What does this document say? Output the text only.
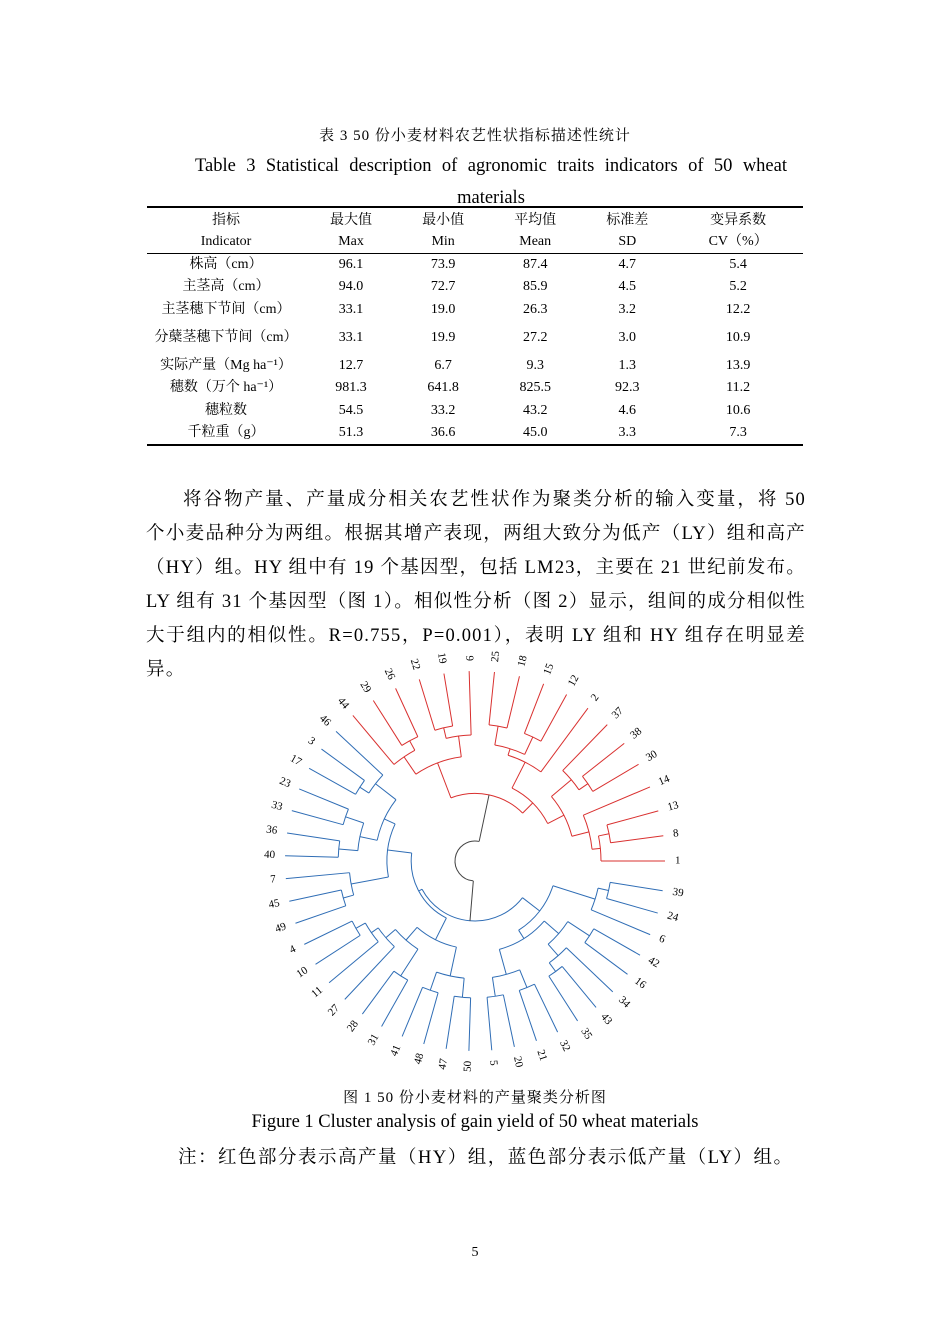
表 3 50 份小麦材料农艺性状指标描述性统计
Table 3 Statistical description of agronomic traits indicators of 50 wheat materials
指标	最大值	最小值	平均值	标准差	变异系数
Indicator	Max	Min	Mean	SD	CV（%）
株高（cm）	96.1	73.9	87.4	4.7	5.4
主茎高（cm）	94.0	72.7	85.9	4.5	5.2
主茎穗下节间（cm）	33.1	19.0	26.3	3.2	12.2
分蘖茎穗下节间（cm）	33.1	19.9	27.2	3.0	10.9
实际产量（Mg ha⁻¹）	12.7	6.7	9.3	1.3	13.9
穗数（万个 ha⁻¹）	981.3	641.8	825.5	92.3	11.2
穗粒数	54.5	33.2	43.2	4.6	10.6
千粒重（g）	51.3	36.6	45.0	3.3	7.3
将谷物产量、产量成分相关农艺性状作为聚类分析的输入变量，将 50 个小麦品种分为两组。根据其增产表现，两组大致分为低产（LY）组和高产（HY）组。HY 组中有 19 个基因型，包括 LM23，主要在 21 世纪前发布。LY 组有 31 个基因型（图 1）。相似性分析（图 2）显示，组间的成分相似性大于组内的相似性。R=0.755，P=0.001），表明 LY 组和 HY 组存在明显差异。
1
2
3
4
5
6
7
8
9
10
11
12
13
14
15
16
17
18
19
20 21
22
23
24
25
26
27
28
29
30
31	32
33
34
35
36
37
38
39
40
41
42
43
44
45
46
47
48
49
50
图 1 50 份小麦材料的产量聚类分析图
Figure 1 Cluster analysis of gain yield of 50 wheat materials
注：红色部分表示高产量（HY）组，蓝色部分表示低产量（LY）组。
5
